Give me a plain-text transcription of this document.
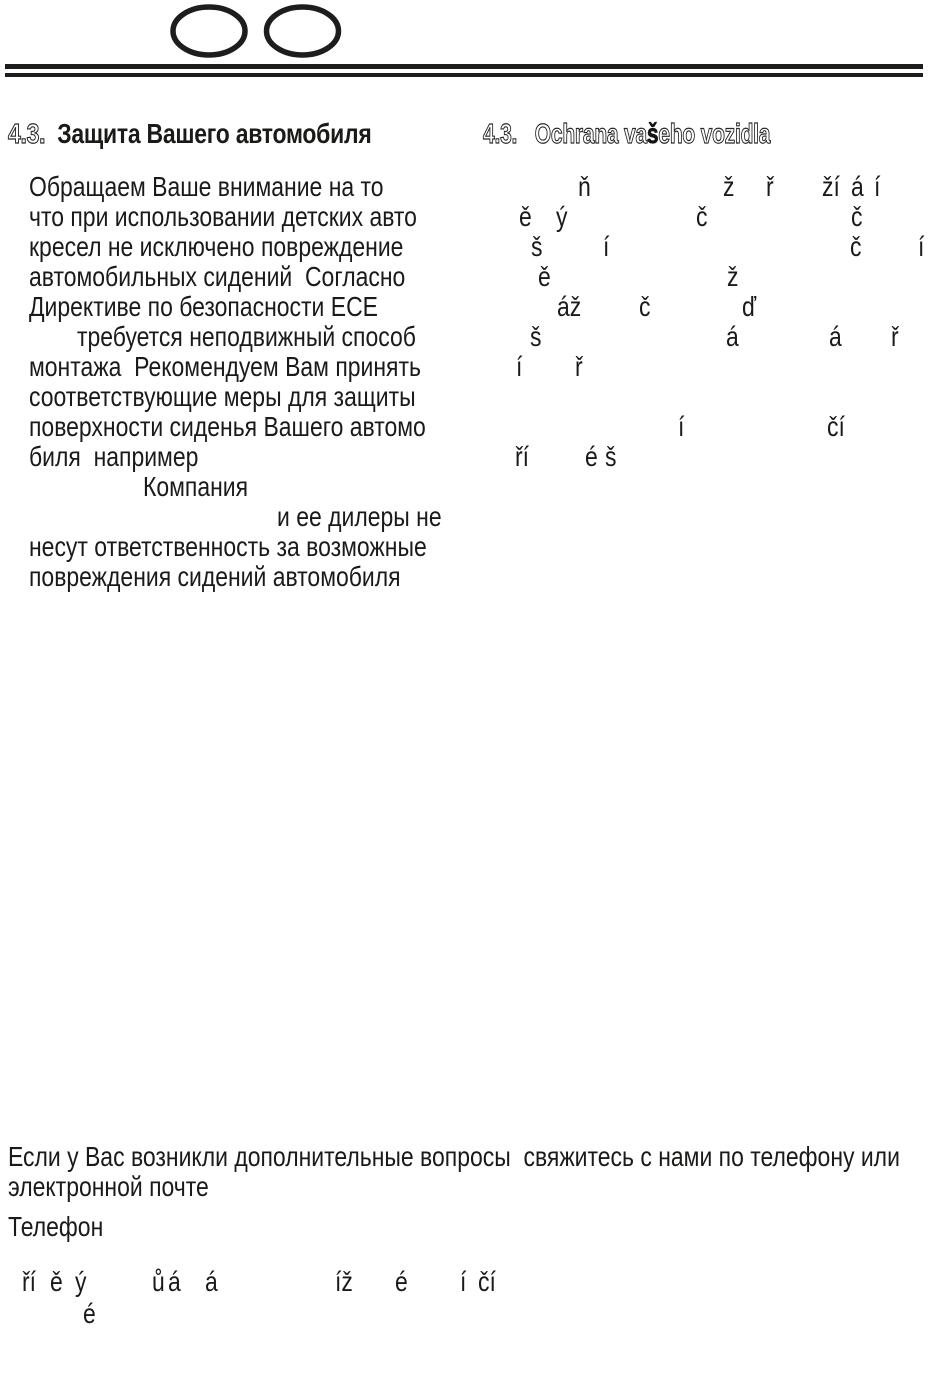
4.3. Защита Вашего автомобиля	4.3. Ochrana vašeho vozidla
Обращаем Ваше внимание на то
что при использовании детских авто
кресел не исключено повреждение
автомобильных сидений  Согласно
Директиве по безопасности ЕСЕ
требуется неподвижный способ
монтажа  Рекомендуем Вам принять
соответствующие меры для защиты
поверхности сиденья Вашего автомо
биля  например
Компания
и ее дилеры не
несут ответственность за возможные
повреждения сидений автомобиля
ň	ž ř ží á í
ě ý	č	č
š í	č í
ě	ž
áž č	ď
š	á	á ř
í ř
í	čí
ří é š
Если у Вас возникли дополнительные вопросы  свяжитесь с нами по телефону или
электронной почте
Телефон
ří ě ý ů á á	íž é í čí
é
